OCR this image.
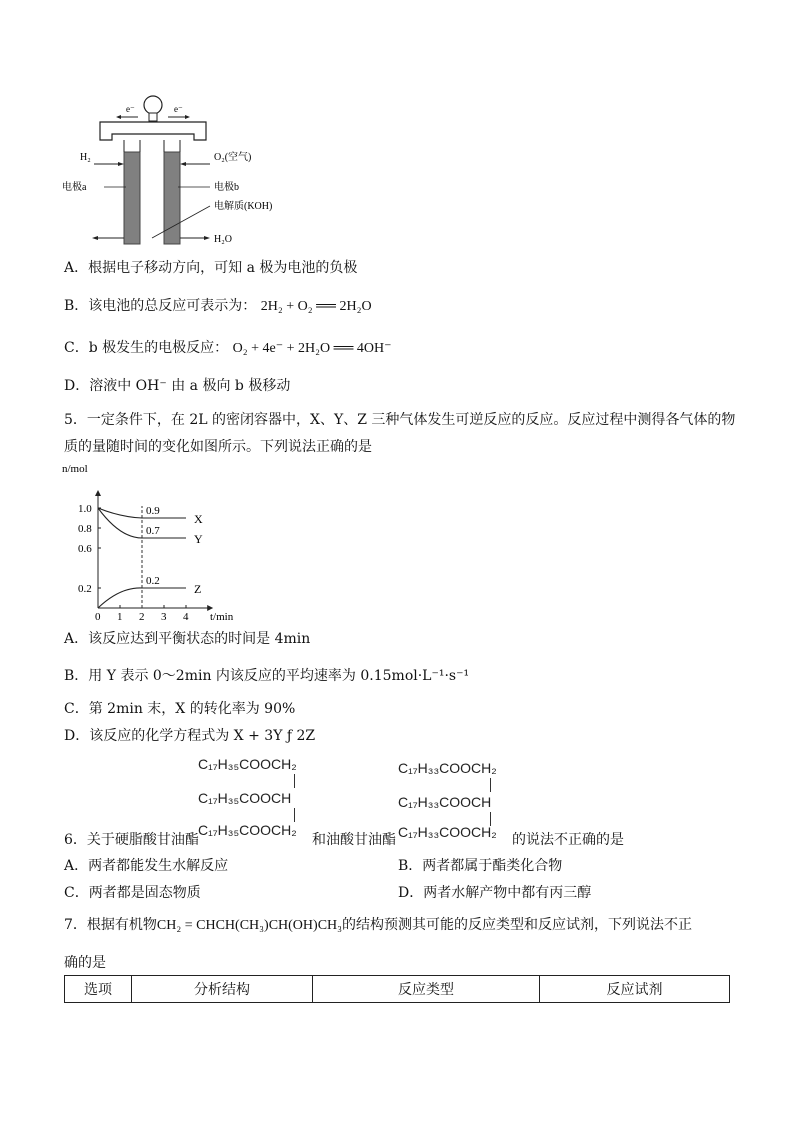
e⁻	e⁻
H₂	O₂(空气)
电极a	电极b
电解质(KOH)
H₂O
A．根据电子移动方向，可知 a 极为电池的负极
B．该电池的总反应可表示为： 2H₂ + O₂ ══ 2H₂O
C．b 极发生的电极反应： O₂ + 4e⁻ + 2H₂O ══ 4OH⁻
D．溶液中 OH⁻ 由 a 极向 b 极移动
5．一定条件下，在 2L 的密闭容器中，X、Y、Z 三种气体发生可逆反应的反应。反应过程中测得各气体的物
质的量随时间的变化如图所示。下列说法正确的是
n/mol
t/min
0 1 2 3 4
0.2
0.6
0.8
1.0
X
0.9
Y
0.7
Z
0.2
A．该反应达到平衡状态的时间是 4min
B．用 Y 表示 0～2min 内该反应的平均速率为 0.15mol·L⁻¹·s⁻¹
C．第 2min 末，X 的转化率为 90%
D．该反应的化学方程式为 X + 3Y ƒ 2Z
C₁₇H₃₅COOCH₂
C₁₇H₃₅COOCH
C₁₇H₃₅COOCH₂
C₁₇H₃₃COOCH₂
C₁₇H₃₃COOCH
C₁₇H₃₃COOCH₂
6．关于硬脂酸甘油酯	和油酸甘油酯	的说法不正确的是
A．两者都能发生水解反应	B．两者都属于酯类化合物
C．两者都是固态物质	D．两者水解产物中都有丙三醇
7．根据有机物CH₂ = CHCH(CH₃)CH(OH)CH₃的结构预测其可能的反应类型和反应试剂，下列说法不正
确的是
选项	分析结构	反应类型	反应试剂
